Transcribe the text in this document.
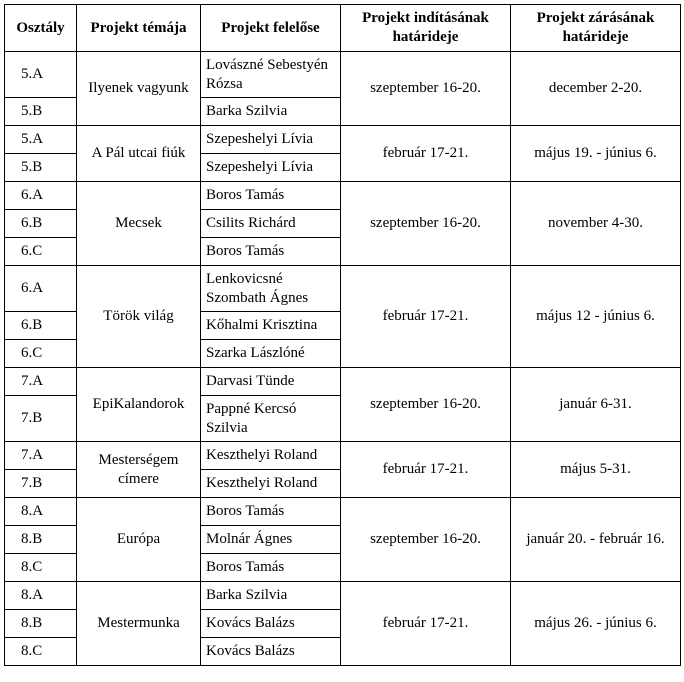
Osztály	Projekt témája	Projekt felelőse	Projekt indításának határideje	Projekt zárásának határideje
5.A	Ilyenek vagyunk	Lovászné Sebestyén Rózsa	szeptember 16-20.	december 2-20.
5.B		Barka Szilvia		
5.A	A Pál utcai fiúk	Szepeshelyi Lívia	február 17-21.	május 19. - június 6.
5.B		Szepeshelyi Lívia		
6.A	Mecsek	Boros Tamás	szeptember 16-20.	november 4-30.
6.B		Csilits Richárd		
6.C		Boros Tamás		
6.A	Török világ	Lenkovicsné Szombath Ágnes	február 17-21.	május 12 - június 6.
6.B		Kőhalmi Krisztina		
6.C		Szarka Lászlóné		
7.A	EpiKalandorok	Darvasi Tünde	szeptember 16-20.	január 6-31.
7.B		Pappné Kercsó Szilvia		
7.A	Mesterségem címere	Keszthelyi Roland	február 17-21.	május 5-31.
7.B		Keszthelyi Roland		
8.A	Európa	Boros Tamás	szeptember 16-20.	január 20. - február 16.
8.B		Molnár Ágnes		
8.C		Boros Tamás		
8.A	Mestermunka	Barka Szilvia	február 17-21.	május 26. - június 6.
8.B		Kovács Balázs		
8.C		Kovács Balázs		
